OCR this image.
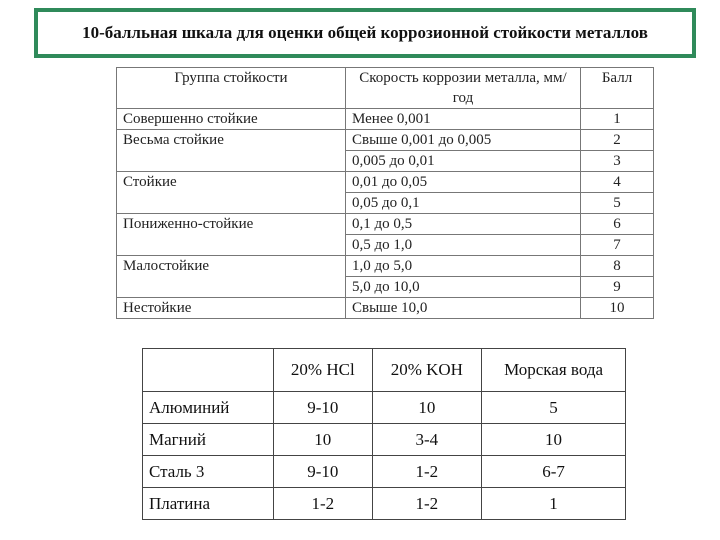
10-балльная шкала для оценки общей коррозионной стойкости металлов
Группа стойкости	Скорость коррозии металла, мм/год	Балл
Совершенно стойкие	Менее 0,001	1
Весьма стойкие	Свыше 0,001 до 0,005	2
	0,005 до 0,01	3
Стойкие	0,01 до 0,05	4
	0,05 до 0,1	5
Пониженно-стойкие	0,1 до 0,5	6
	0,5 до 1,0	7
Малостойкие	1,0 до 5,0	8
	5,0 до 10,0	9
Нестойкие	Свыше 10,0	10
	20% HCl	20% KOH	Морская вода
Алюминий	9-10	10	5
Магний	10	3-4	10
Сталь 3	9-10	1-2	6-7
Платина	1-2	1-2	1
